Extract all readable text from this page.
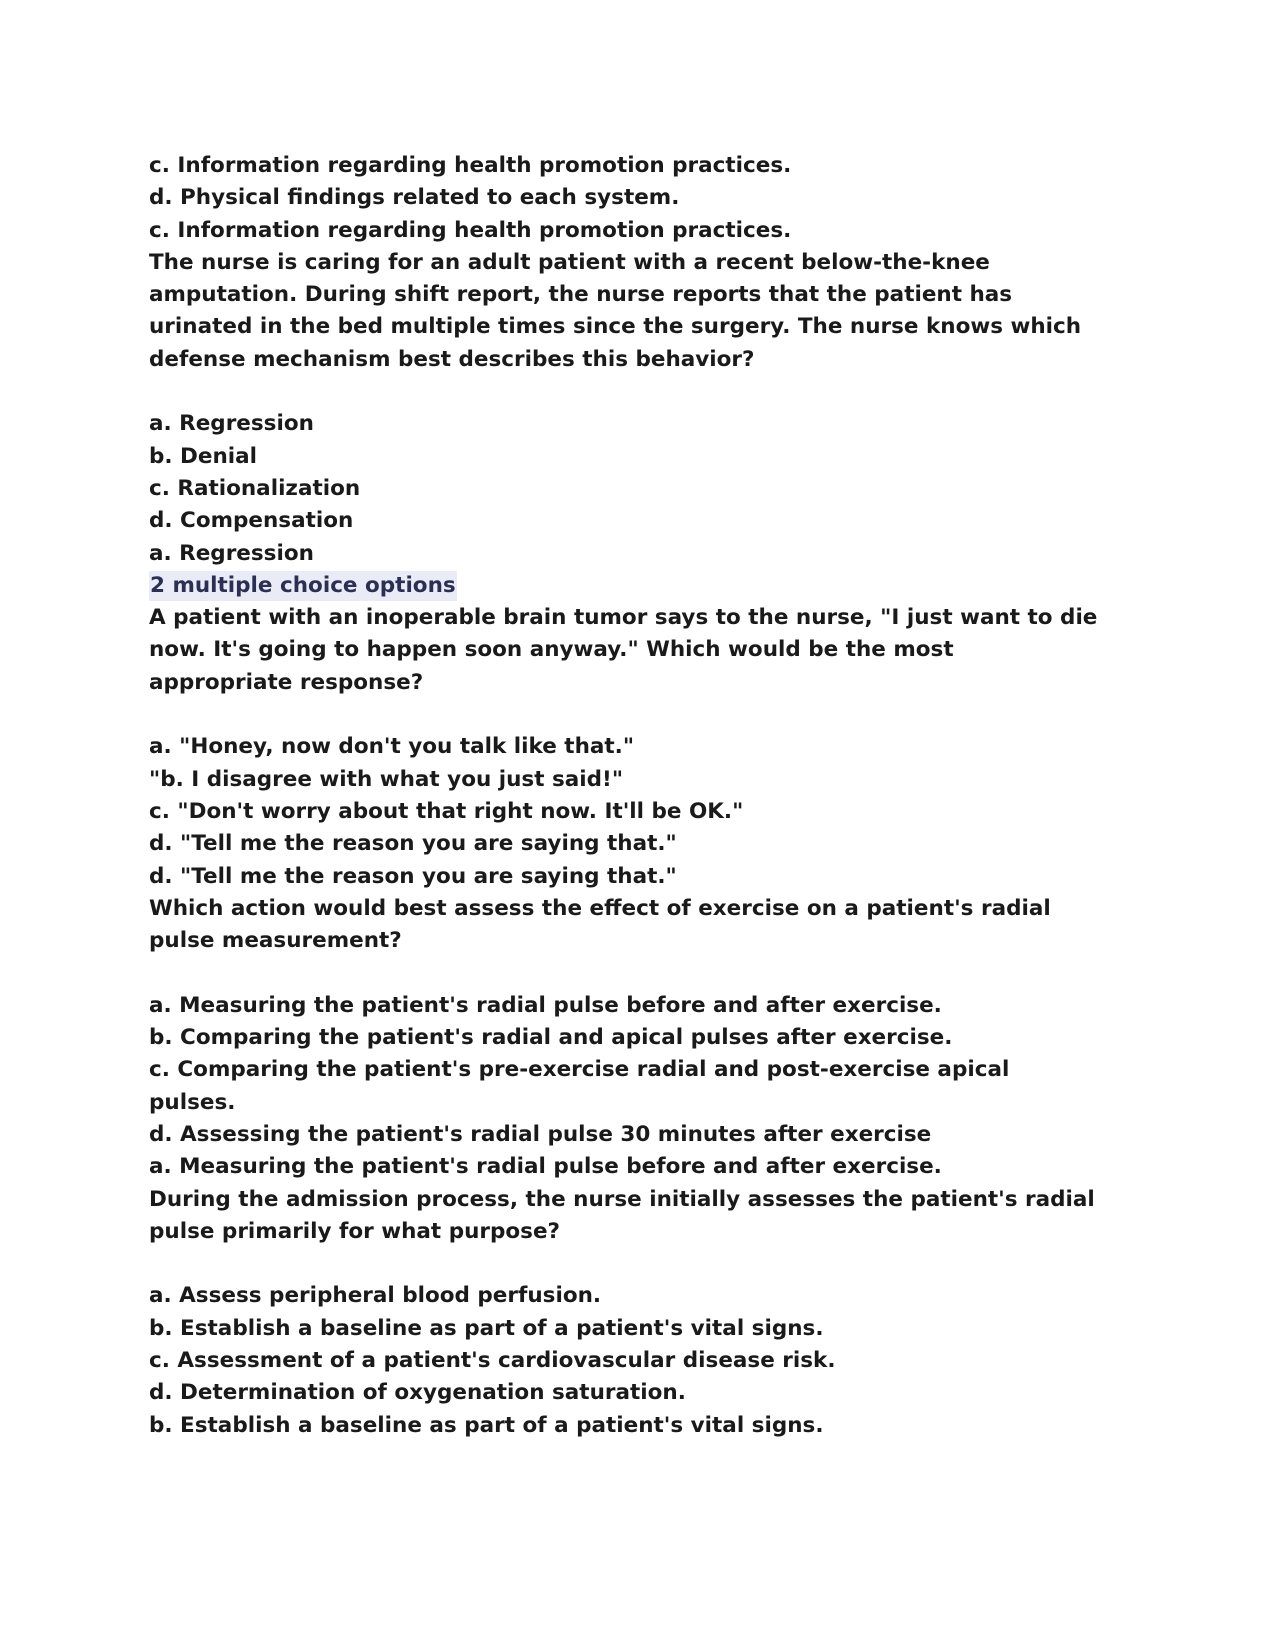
c. Information regarding health promotion practices.
d. Physical findings related to each system.
c. Information regarding health promotion practices.
The nurse is caring for an adult patient with a recent below-the-knee
amputation. During shift report, the nurse reports that the patient has
urinated in the bed multiple times since the surgery. The nurse knows which
defense mechanism best describes this behavior?
a. Regression
b. Denial
c. Rationalization
d. Compensation
a. Regression
2 multiple choice options
A patient with an inoperable brain tumor says to the nurse, "I just want to die
now. It's going to happen soon anyway." Which would be the most
appropriate response?
a. "Honey, now don't you talk like that."
"b. I disagree with what you just said!"
c. "Don't worry about that right now. It'll be OK."
d. "Tell me the reason you are saying that."
d. "Tell me the reason you are saying that."
Which action would best assess the effect of exercise on a patient's radial
pulse measurement?
a. Measuring the patient's radial pulse before and after exercise.
b. Comparing the patient's radial and apical pulses after exercise.
c. Comparing the patient's pre-exercise radial and post-exercise apical
pulses.
d. Assessing the patient's radial pulse 30 minutes after exercise
a. Measuring the patient's radial pulse before and after exercise.
During the admission process, the nurse initially assesses the patient's radial
pulse primarily for what purpose?
a. Assess peripheral blood perfusion.
b. Establish a baseline as part of a patient's vital signs.
c. Assessment of a patient's cardiovascular disease risk.
d. Determination of oxygenation saturation.
b. Establish a baseline as part of a patient's vital signs.
